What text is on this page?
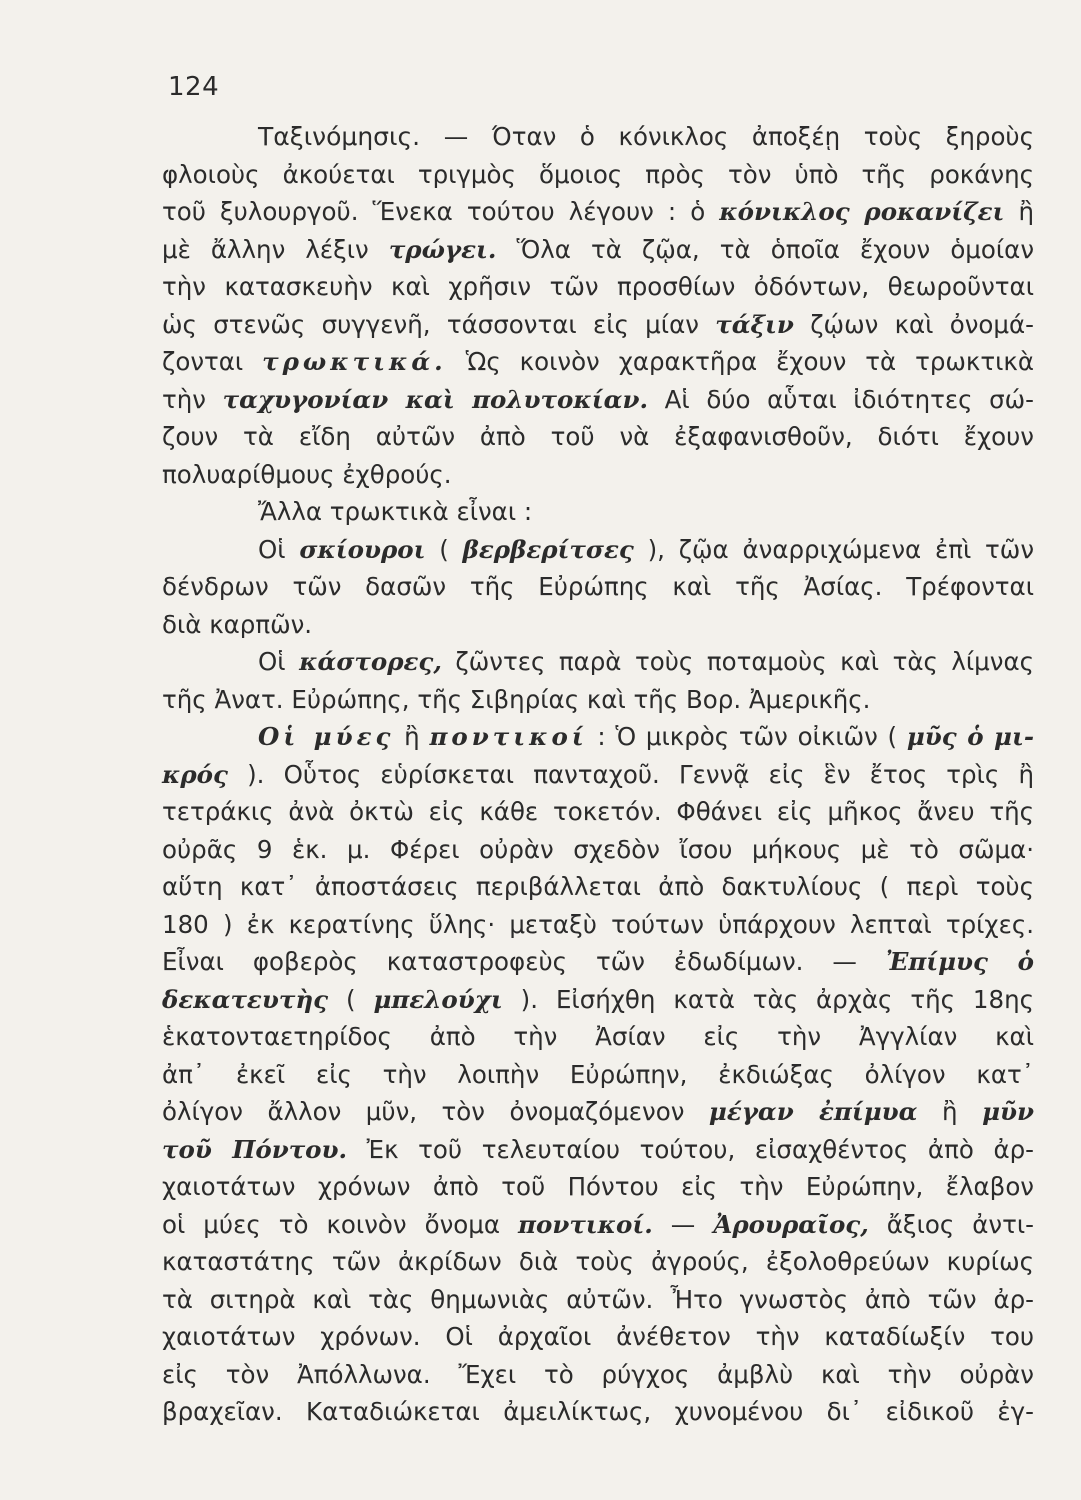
124
Ταξινόμησις. — Όταν ὁ κόνικλος ἀποξέῃ τοὺς ξηροὺς
φλοιοὺς ἀκούεται τριγμὸς ὅμοιος πρὸς τὸν ὑπὸ τῆς ροκάνης
τοῦ ξυλουργοῦ. Ἕνεκα τούτου λέγουν : ὁ κόνικλος ροκανίζει ἢ
μὲ ἄλλην λέξιν τρώγει. Ὅλα τὰ ζῷα, τὰ ὁποῖα ἔχουν ὁμοίαν
τὴν κατασκευὴν καὶ χρῆσιν τῶν προσθίων ὀδόντων, θεωροῦνται
ὡς στενῶς συγγενῆ, τάσσονται εἰς μίαν τάξιν ζῴων καὶ ὀνομά-
ζονται τρωκτικά. Ὡς κοινὸν χαρακτῆρα ἔχουν τὰ τρωκτικὰ
τὴν ταχυγονίαν καὶ πολυτοκίαν. Αἱ δύο αὗται ἰδιότητες σώ-
ζουν τὰ εἴδη αὐτῶν ἀπὸ τοῦ νὰ ἐξαφανισθοῦν, διότι ἔχουν
πολυαρίθμους ἐχθρούς.
Ἄλλα τρωκτικὰ εἶναι :
Οἱ σκίουροι ( βερβερίτσες ), ζῷα ἀναρριχώμενα ἐπὶ τῶν
δένδρων τῶν δασῶν τῆς Εὐρώπης καὶ τῆς Ἀσίας. Τρέφονται
διὰ καρπῶν.
Οἱ κάστορες, ζῶντες παρὰ τοὺς ποταμοὺς καὶ τὰς λίμνας
τῆς Ἀνατ. Εὐρώπης, τῆς Σιβηρίας καὶ τῆς Βορ. Ἀμερικῆς.
Οἱ μύες ἢ ποντικοί : Ὁ μικρὸς τῶν οἰκιῶν ( μῦς ὁ μι-
κρός ). Οὗτος εὑρίσκεται πανταχοῦ. Γεννᾷ εἰς ἓν ἔτος τρὶς ἢ
τετράκις ἀνὰ ὀκτὼ εἰς κάθε τοκετόν. Φθάνει εἰς μῆκος ἄνευ τῆς
οὐρᾶς 9 ἑκ. μ. Φέρει οὐρὰν σχεδὸν ἴσου μήκους μὲ τὸ σῶμα·
αὕτη κατ᾽ ἀποστάσεις περιβάλλεται ἀπὸ δακτυλίους ( περὶ τοὺς
180 ) ἐκ κερατίνης ὕλης· μεταξὺ τούτων ὑπάρχουν λεπταὶ τρίχες.
Εἶναι φοβερὸς καταστροφεὺς τῶν ἐδωδίμων. — Ἐπίμυς ὁ
δεκατευτὴς ( μπελούχι ). Εἰσήχθη κατὰ τὰς ἀρχὰς τῆς 18ης
ἑκατονταετηρίδος ἀπὸ τὴν Ἀσίαν εἰς τὴν Ἀγγλίαν καὶ
ἀπ᾽ ἐκεῖ εἰς τὴν λοιπὴν Εὐρώπην, ἐκδιώξας ὀλίγον κατ᾽
ὀλίγον ἄλλον μῦν, τὸν ὀνομαζόμενον μέγαν ἐπίμυα ἢ μῦν
τοῦ Πόντου. Ἐκ τοῦ τελευταίου τούτου, εἰσαχθέντος ἀπὸ ἀρ-
χαιοτάτων χρόνων ἀπὸ τοῦ Πόντου εἰς τὴν Εὐρώπην, ἔλαβον
οἱ μύες τὸ κοινὸν ὄνομα ποντικοί. — Ἀρουραῖος, ἄξιος ἀντι-
καταστάτης τῶν ἀκρίδων διὰ τοὺς ἀγρούς, ἐξολοθρεύων κυρίως
τὰ σιτηρὰ καὶ τὰς θημωνιὰς αὐτῶν. Ἦτο γνωστὸς ἀπὸ τῶν ἀρ-
χαιοτάτων χρόνων. Οἱ ἀρχαῖοι ἀνέθετον τὴν καταδίωξίν του
εἰς τὸν Ἀπόλλωνα. Ἔχει τὸ ρύγχος ἀμβλὺ καὶ τὴν οὐρὰν
βραχεῖαν. Καταδιώκεται ἀμειλίκτως, χυνομένου δι᾽ εἰδικοῦ ἐγ-
